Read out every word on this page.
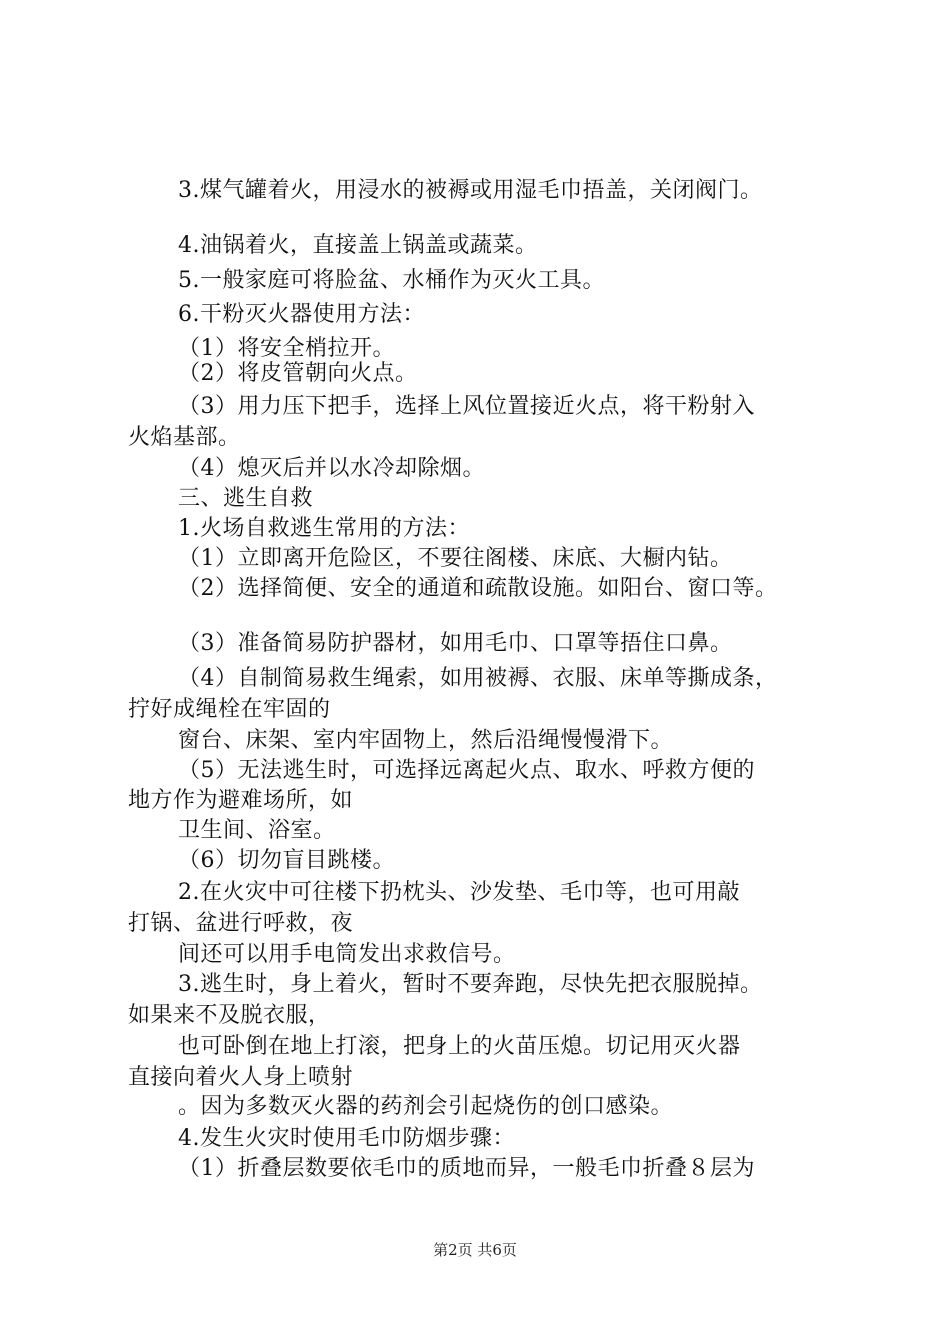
3.煤气罐着火，用浸水的被褥或用湿毛巾捂盖，关闭阀门。
4.油锅着火，直接盖上锅盖或蔬菜。
5.一般家庭可将脸盆、水桶作为灭火工具。
6.干粉灭火器使用方法：
（1）将安全梢拉开。
（2）将皮管朝向火点。
（3）用力压下把手，选择上风位置接近火点，将干粉射入
火焰基部。
（4）熄灭后并以水冷却除烟。
三、逃生自救
1.火场自救逃生常用的方法：
（1）立即离开危险区，不要往阁楼、床底、大橱内钻。
（2）选择简便、安全的通道和疏散设施。如阳台、窗口等。
（3）准备简易防护器材，如用毛巾、口罩等捂住口鼻。
（4）自制简易救生绳索，如用被褥、衣服、床单等撕成条，
拧好成绳栓在牢固的
窗台、床架、室内牢固物上，然后沿绳慢慢滑下。
（5）无法逃生时，可选择远离起火点、取水、呼救方便的
地方作为避难场所，如
卫生间、浴室。
（6）切勿盲目跳楼。
2.在火灾中可往楼下扔枕头、沙发垫、毛巾等，也可用敲
打锅、盆进行呼救，夜
间还可以用手电筒发出求救信号。
3.逃生时，身上着火，暂时不要奔跑，尽快先把衣服脱掉。
如果来不及脱衣服，
也可卧倒在地上打滚，把身上的火苗压熄。切记用灭火器
直接向着火人身上喷射
。因为多数灭火器的药剂会引起烧伤的创口感染。
4.发生火灾时使用毛巾防烟步骤：
（1）折叠层数要依毛巾的质地而异，一般毛巾折叠８层为
第2页 共6页
